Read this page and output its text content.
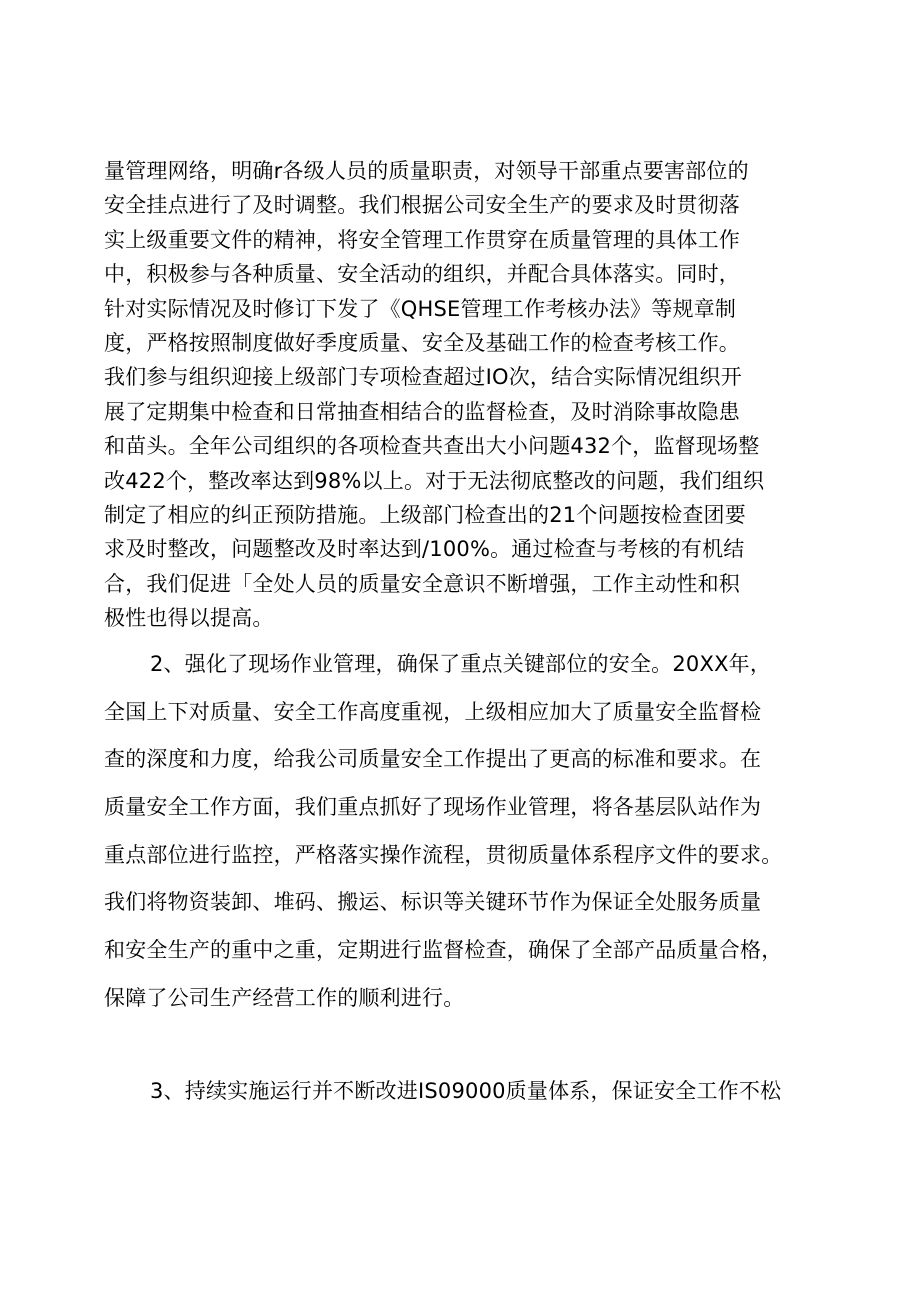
量管理网络，明确r各级人员的质量职责，对领导干部重点要害部位的
安全挂点进行了及时调整。我们根据公司安全生产的要求及时贯彻落
实上级重要文件的精神，将安全管理工作贯穿在质量管理的具体工作
中，积极参与各种质量、安全活动的组织，并配合具体落实。同时，
针对实际情况及时修订下发了《QHSE管理工作考核办法》等规章制
度，严格按照制度做好季度质量、安全及基础工作的检查考核工作。
我们参与组织迎接上级部门专项检查超过IO次，结合实际情况组织开
展了定期集中检查和日常抽查相结合的监督检查，及时消除事故隐患
和苗头。全年公司组织的各项检查共查出大小问题432个，监督现场整
改422个，整改率达到98%以上。对于无法彻底整改的问题，我们组织
制定了相应的纠正预防措施。上级部门检查出的21个问题按检查团要
求及时整改，问题整改及时率达到/100%。通过检查与考核的有机结
合，我们促进「全处人员的质量安全意识不断增强，工作主动性和积
极性也得以提高。
2、强化了现场作业管理，确保了重点关键部位的安全。20XX年，
全国上下对质量、安全工作高度重视，上级相应加大了质量安全监督检
查的深度和力度，给我公司质量安全工作提出了更高的标准和要求。在
质量安全工作方面，我们重点抓好了现场作业管理，将各基层队站作为
重点部位进行监控，严格落实操作流程，贯彻质量体系程序文件的要求。
我们将物资装卸、堆码、搬运、标识等关键环节作为保证全处服务质量
和安全生产的重中之重，定期进行监督检查，确保了全部产品质量合格，
保障了公司生产经营工作的顺利进行。
3、持续实施运行并不断改进IS09000质量体系，保证安全工作不松
